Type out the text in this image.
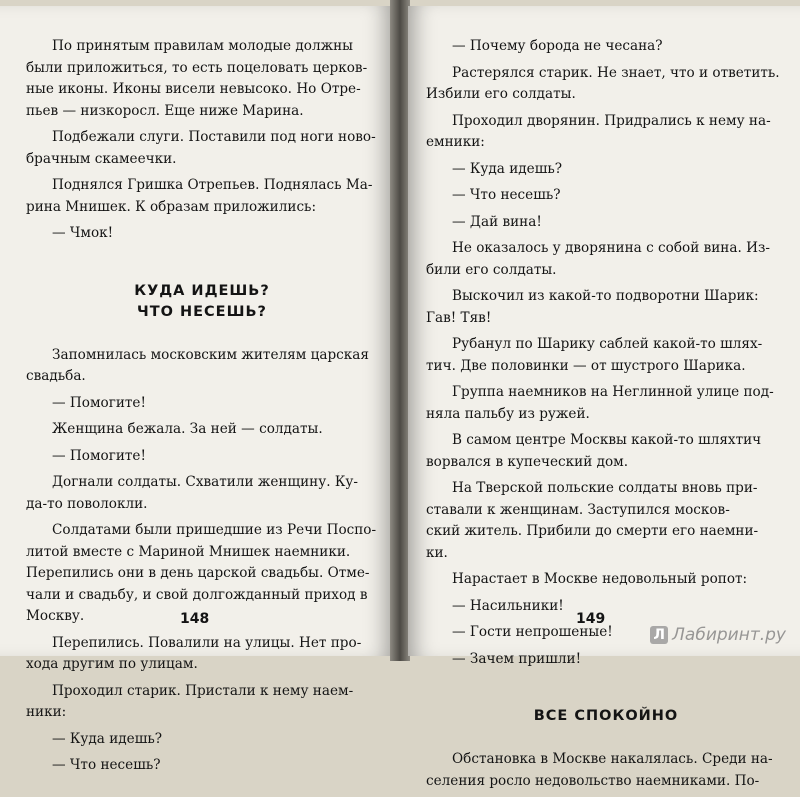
По принятым правилам молодые должны
были приложиться, то есть поцеловать церков-
ные иконы. Иконы висели невысоко. Но Отре-
пьев — низкоросл. Еще ниже Марина.
Подбежали слуги. Поставили под ноги ново-
брачным скамеечки.
Поднялся Гришка Отрепьев. Поднялась Ма-
рина Мнишек. К образам приложились:
— Чмок!
КУДА ИДЕШЬ?
ЧТО НЕСЕШЬ?
Запомнилась московским жителям царская
свадьба.
— Помогите!
Женщина бежала. За ней — солдаты.
— Помогите!
Догнали солдаты. Схватили женщину. Ку-
да-то поволокли.
Солдатами были пришедшие из Речи Поспо-
литой вместе с Мариной Мнишек наемники.
Перепились они в день царской свадьбы. Отме-
чали и свадьбу, и свой долгожданный приход в
Москву.
Перепились. Повалили на улицы. Нет про-
хода другим по улицам.
Проходил старик. Пристали к нему наем-
ники:
— Куда идешь?
— Что несешь?
148
— Почему борода не чесана?
Растерялся старик. Не знает, что и ответить.
Избили его солдаты.
Проходил дворянин. Придрались к нему на-
емники:
— Куда идешь?
— Что несешь?
— Дай вина!
Не оказалось у дворянина с собой вина. Из-
били его солдаты.
Выскочил из какой-то подворотни Шарик:
Гав! Тяв!
Рубанул по Шарику саблей какой-то шлях-
тич. Две половинки — от шустрого Шарика.
Группа наемников на Неглинной улице под-
няла пальбу из ружей.
В самом центре Москвы какой-то шляхтич
ворвался в купеческий дом.
На Тверской польские солдаты вновь при-
ставали к женщинам. Заступился москов-
ский житель. Прибили до смерти его наемни-
ки.
Нарастает в Москве недовольный ропот:
— Насильники!
— Гости непрошеные!
— Зачем пришли!
ВСЕ СПОКОЙНО
Обстановка в Москве накалялась. Среди на-
селения росло недовольство наемниками. По-
149
Л Лабиринт.ру
